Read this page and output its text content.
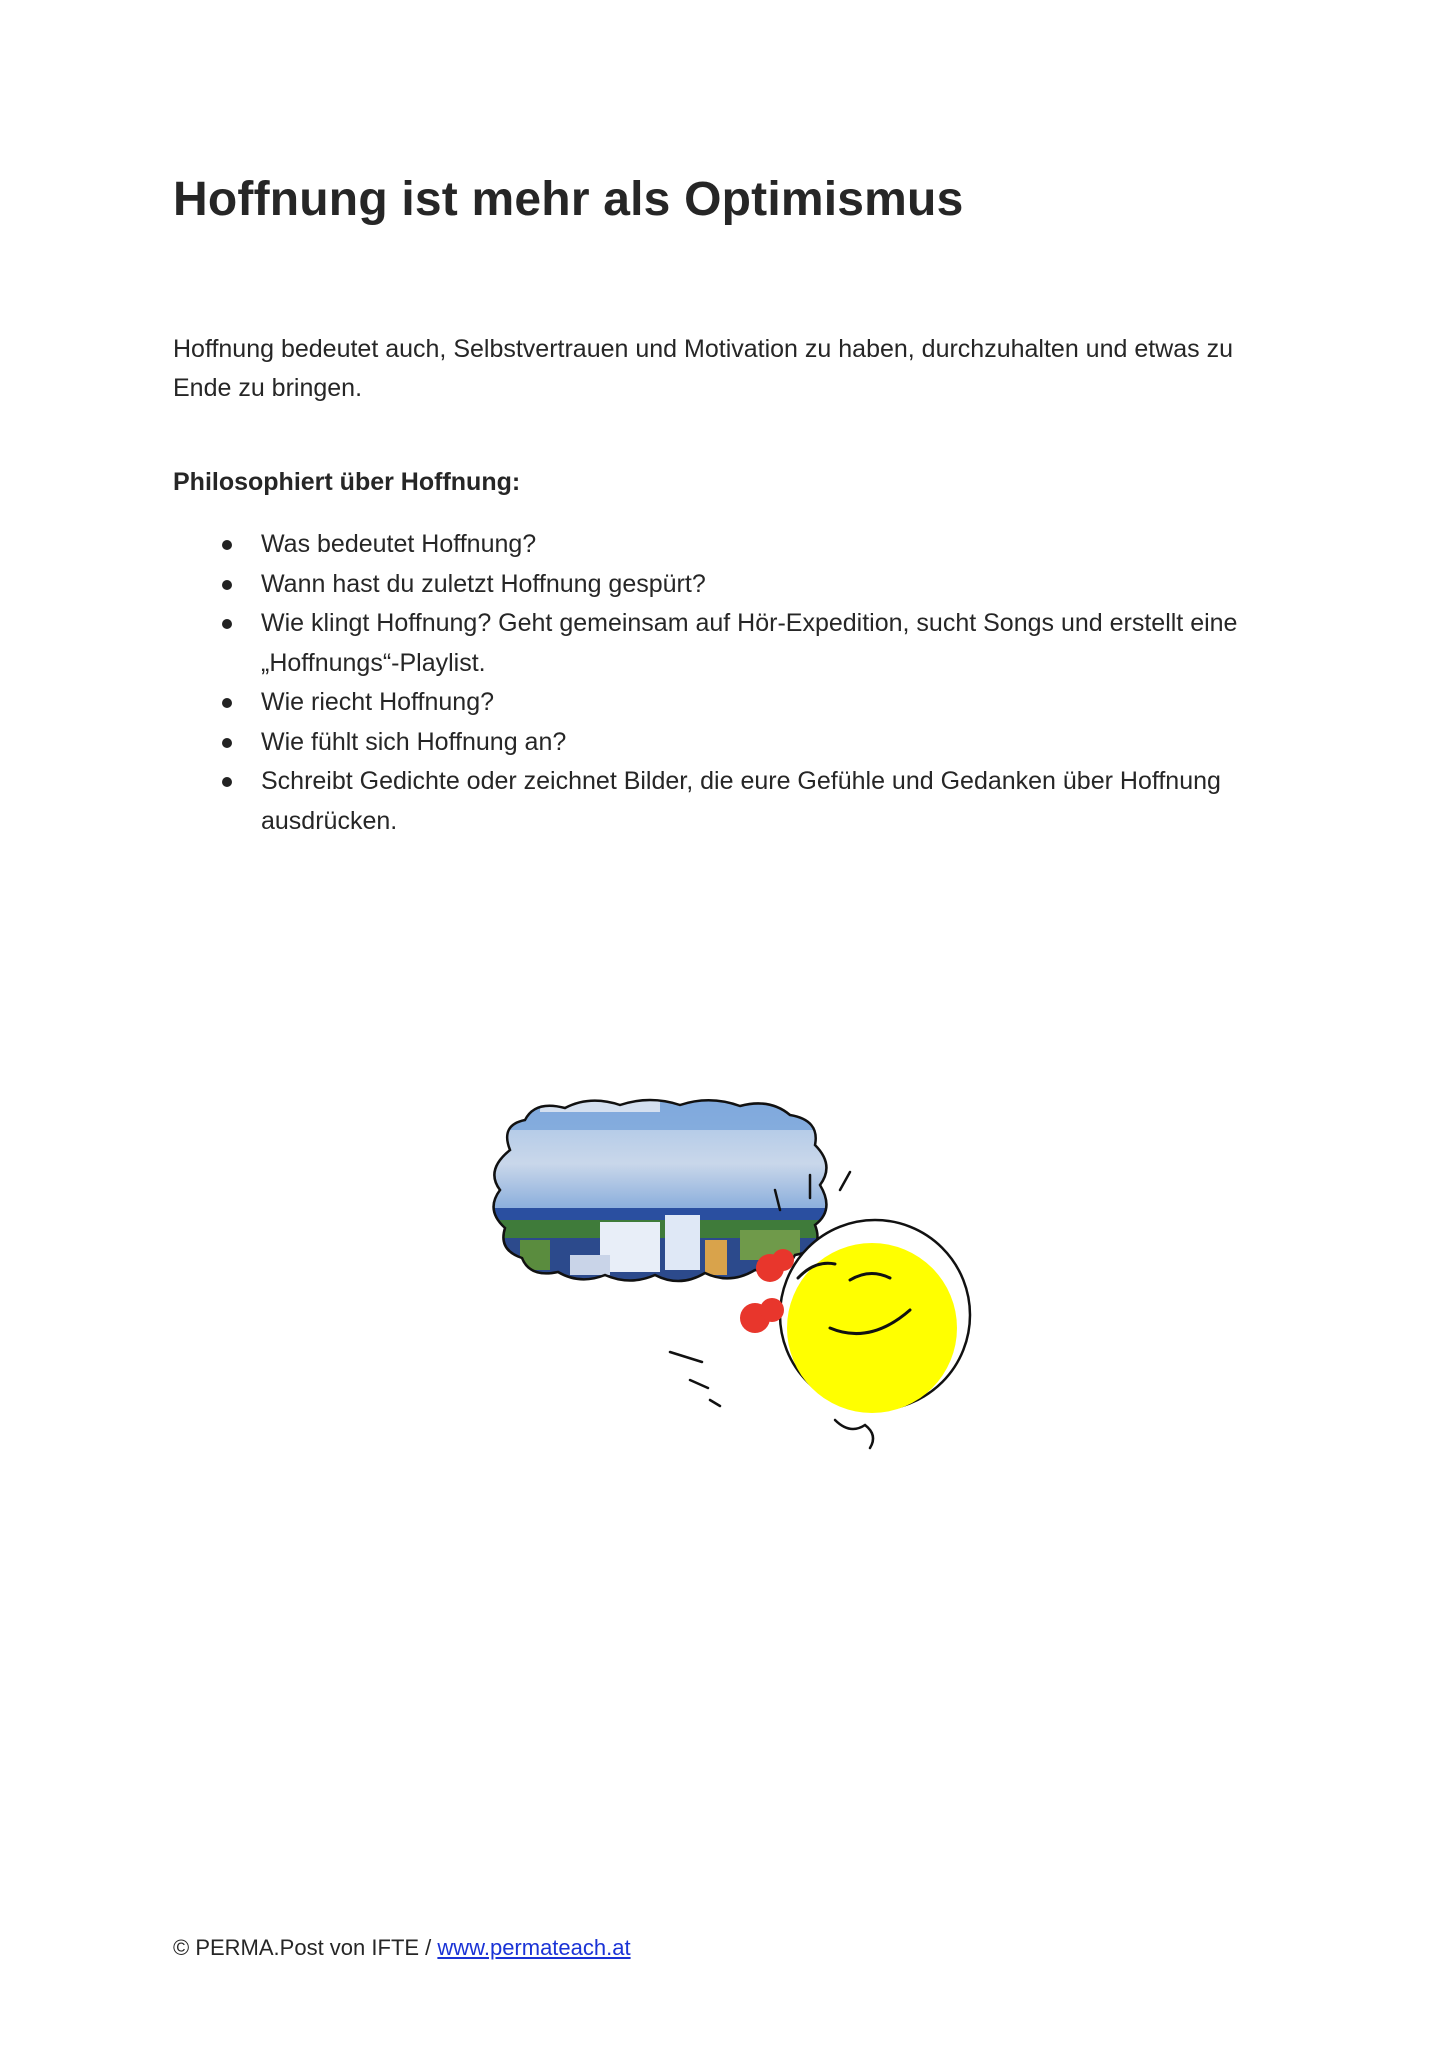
Hoffnung ist mehr als Optimismus

Hoffnung bedeutet auch, Selbstvertrauen und Motivation zu haben, durchzuhalten und etwas zu Ende zu bringen.

Philosophiert über Hoffnung:

Was bedeutet Hoffnung?
Wann hast du zuletzt Hoffnung gespürt?
Wie klingt Hoffnung? Geht gemeinsam auf Hör-Expedition, sucht Songs und erstellt eine „Hoffnungs“-Playlist.
Wie riecht Hoffnung?
Wie fühlt sich Hoffnung an?
Schreibt Gedichte oder zeichnet Bilder, die eure Gefühle und Gedanken über Hoffnung ausdrücken.

© PERMA.Post von IFTE / www.permateach.at
